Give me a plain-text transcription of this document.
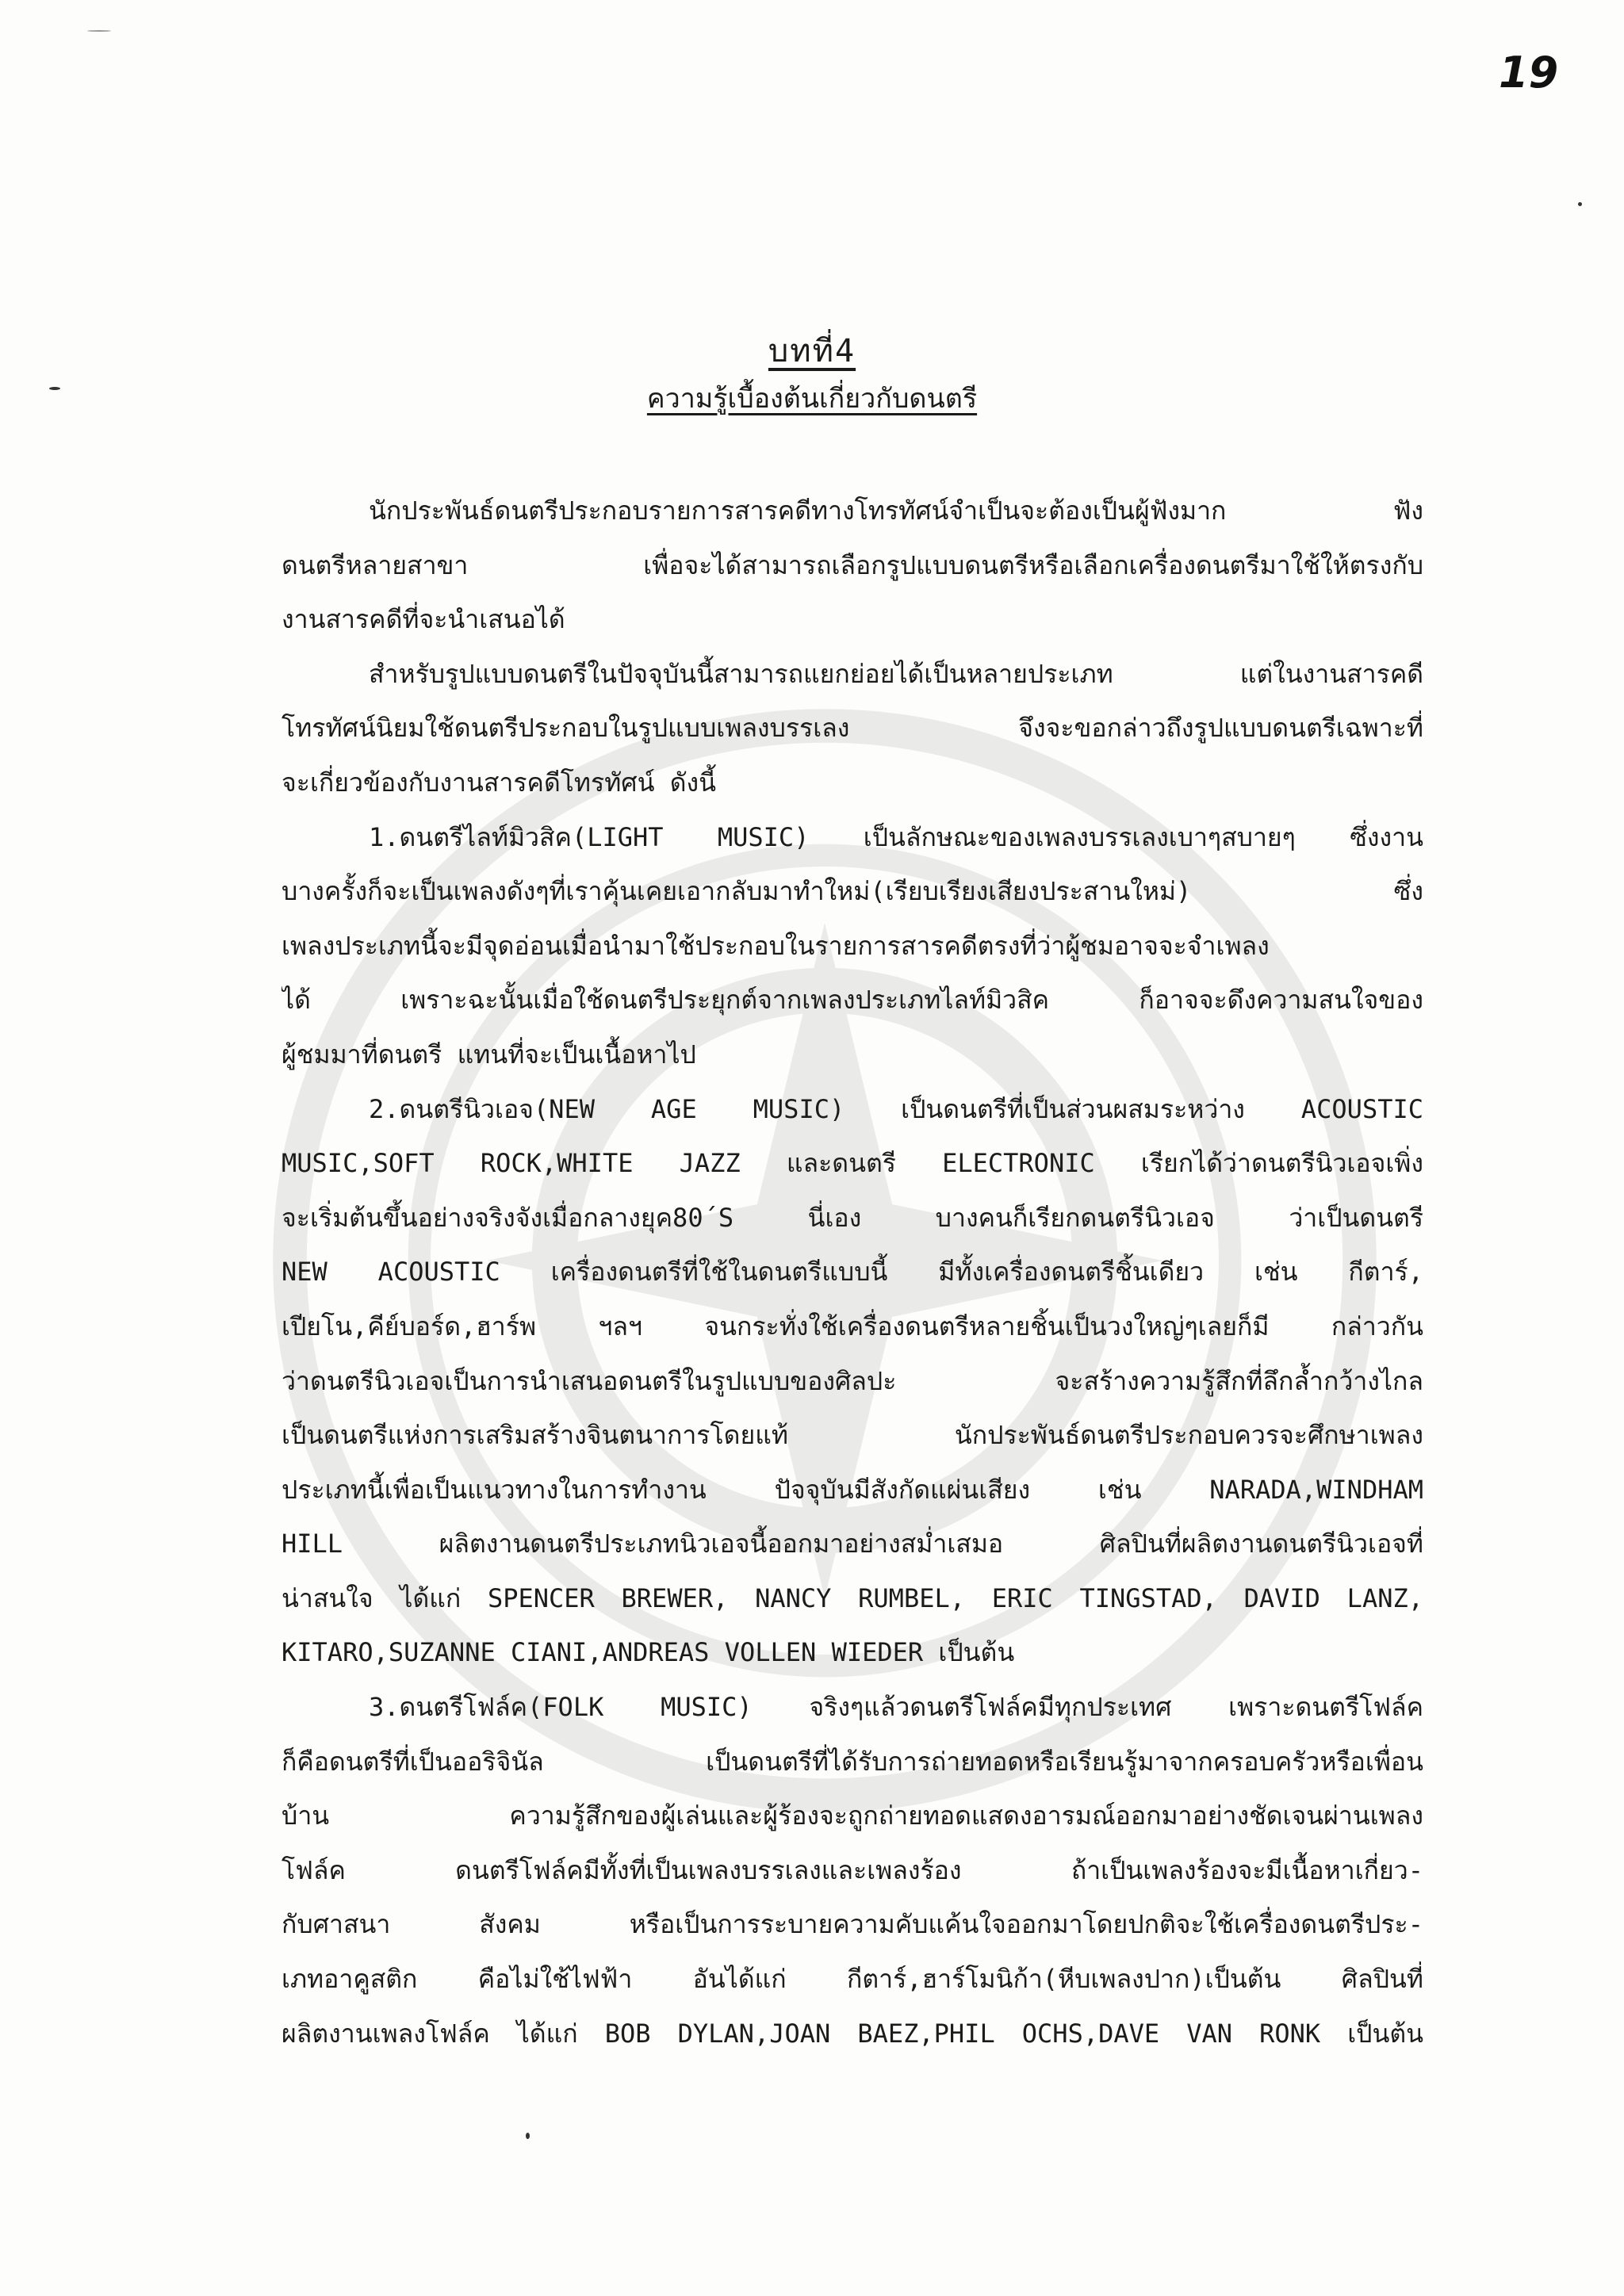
19
บทที่4
ความรู้เบื้องต้นเกี่ยวกับดนตรี
นักประพันธ์ดนตรีประกอบรายการสารคดีทางโทรทัศน์จำเป็นจะต้องเป็นผู้ฟังมาก ฟัง
ดนตรีหลายสาขา เพื่อจะได้สามารถเลือกรูปแบบดนตรีหรือเลือกเครื่องดนตรีมาใช้ให้ตรงกับ
งานสารคดีที่จะนำเสนอได้
สำหรับรูปแบบดนตรีในปัจจุบันนี้สามารถแยกย่อยได้เป็นหลายประเภท แต่ในงานสารคดี
โทรทัศน์นิยมใช้ดนตรีประกอบในรูปแบบเพลงบรรเลง จึงจะขอกล่าวถึงรูปแบบดนตรีเฉพาะที่
จะเกี่ยวข้องกับงานสารคดีโทรทัศน์ ดังนี้
1.ดนตรีไลท์มิวสิค(LIGHT MUSIC) เป็นลักษณะของเพลงบรรเลงเบาๆสบายๆ ซึ่งงาน
บางครั้งก็จะเป็นเพลงดังๆที่เราคุ้นเคยเอากลับมาทำใหม่(เรียบเรียงเสียงประสานใหม่) ซึ่ง
เพลงประเภทนี้จะมีจุดอ่อนเมื่อนำมาใช้ประกอบในรายการสารคดีตรงที่ว่าผู้ชมอาจจะจำเพลง
ได้ เพราะฉะนั้นเมื่อใช้ดนตรีประยุกต์จากเพลงประเภทไลท์มิวสิค ก็อาจจะดึงความสนใจของ
ผู้ชมมาที่ดนตรี แทนที่จะเป็นเนื้อหาไป
2.ดนตรีนิวเอจ(NEW AGE MUSIC) เป็นดนตรีที่เป็นส่วนผสมระหว่าง ACOUSTIC
MUSIC,SOFT ROCK,WHITE JAZZ และดนตรี ELECTRONIC เรียกได้ว่าดนตรีนิวเอจเพิ่ง
จะเริ่มต้นขึ้นอย่างจริงจังเมื่อกลางยุค80´S นี่เอง บางคนก็เรียกดนตรีนิวเอจ ว่าเป็นดนตรี
NEW ACOUSTIC เครื่องดนตรีที่ใช้ในดนตรีแบบนี้ มีทั้งเครื่องดนตรีชิ้นเดียว เช่น กีตาร์,
เปียโน,คีย์บอร์ด,ฮาร์พ ฯลฯ จนกระทั่งใช้เครื่องดนตรีหลายชิ้นเป็นวงใหญ่ๆเลยก็มี กล่าวกัน
ว่าดนตรีนิวเอจเป็นการนำเสนอดนตรีในรูปแบบของศิลปะ จะสร้างความรู้สึกที่ลึกล้ำกว้างไกล
เป็นดนตรีแห่งการเสริมสร้างจินตนาการโดยแท้ นักประพันธ์ดนตรีประกอบควรจะศึกษาเพลง
ประเภทนี้เพื่อเป็นแนวทางในการทำงาน ปัจจุบันมีสังกัดแผ่นเสียง เช่น NARADA,WINDHAM
HILL ผลิตงานดนตรีประเภทนิวเอจนี้ออกมาอย่างสม่ำเสมอ ศิลปินที่ผลิตงานดนตรีนิวเอจที่
น่าสนใจ ได้แก่ SPENCER BREWER, NANCY RUMBEL, ERIC TINGSTAD, DAVID LANZ,
KITARO,SUZANNE CIANI,ANDREAS VOLLEN WIEDER เป็นต้น
3.ดนตรีโฟล์ค(FOLK MUSIC) จริงๆแล้วดนตรีโฟล์คมีทุกประเทศ เพราะดนตรีโฟล์ค
ก็คือดนตรีที่เป็นออริจินัล เป็นดนตรีที่ได้รับการถ่ายทอดหรือเรียนรู้มาจากครอบครัวหรือเพื่อน
บ้าน ความรู้สึกของผู้เล่นและผู้ร้องจะถูกถ่ายทอดแสดงอารมณ์ออกมาอย่างชัดเจนผ่านเพลง
โฟล์ค ดนตรีโฟล์คมีทั้งที่เป็นเพลงบรรเลงและเพลงร้อง ถ้าเป็นเพลงร้องจะมีเนื้อหาเกี่ยว-
กับศาสนา สังคม หรือเป็นการระบายความคับแค้นใจออกมาโดยปกติจะใช้เครื่องดนตรีประ-
เภทอาคูสติก คือไม่ใช้ไฟฟ้า อันได้แก่ กีตาร์,ฮาร์โมนิก้า(หีบเพลงปาก)เป็นต้น ศิลปินที่
ผลิตงานเพลงโฟล์ค ได้แก่ BOB DYLAN,JOAN BAEZ,PHIL OCHS,DAVE VAN RONK เป็นต้น
